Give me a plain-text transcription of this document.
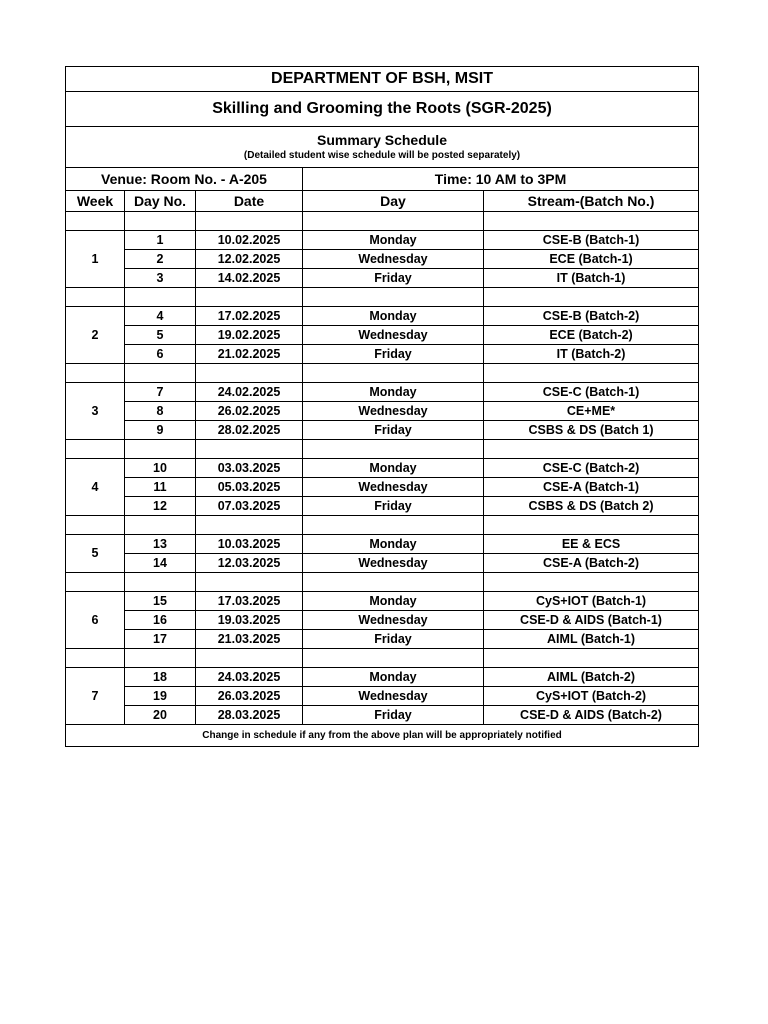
DEPARTMENT OF BSH, MSIT				
Skilling and Grooming the Roots (SGR-2025)				

Summary Schedule
(Detailed student wise schedule will be posted separately)				

Venue: Room No. - A-205			Time: 10 AM to 3PM	
Week	Day No.	Date	Day	Stream-(Batch No.)

1	1	10.02.2025	Monday	CSE-B (Batch-1)
	2	12.02.2025	Wednesday	ECE (Batch-1)
	3	14.02.2025	Friday	IT (Batch-1)

2	4	17.02.2025	Monday	CSE-B (Batch-2)
	5	19.02.2025	Wednesday	ECE (Batch-2)
	6	21.02.2025	Friday	IT (Batch-2)

3	7	24.02.2025	Monday	CSE-C (Batch-1)
	8	26.02.2025	Wednesday	CE+ME*
	9	28.02.2025	Friday	CSBS & DS (Batch 1)

4	10	03.03.2025	Monday	CSE-C (Batch-2)
	11	05.03.2025	Wednesday	CSE-A (Batch-1)
	12	07.03.2025	Friday	CSBS & DS (Batch 2)

5	13	10.03.2025	Monday	EE & ECS
	14	12.03.2025	Wednesday	CSE-A (Batch-2)

6	15	17.03.2025	Monday	CyS+IOT (Batch-1)
	16	19.03.2025	Wednesday	CSE-D & AIDS (Batch-1)
	17	21.03.2025	Friday	AIML (Batch-1)

7	18	24.03.2025	Monday	AIML (Batch-2)
	19	26.03.2025	Wednesday	CyS+IOT (Batch-2)
	20	28.03.2025	Friday	CSE-D & AIDS (Batch-2)
Change in schedule if any from the above plan will be appropriately notified				
